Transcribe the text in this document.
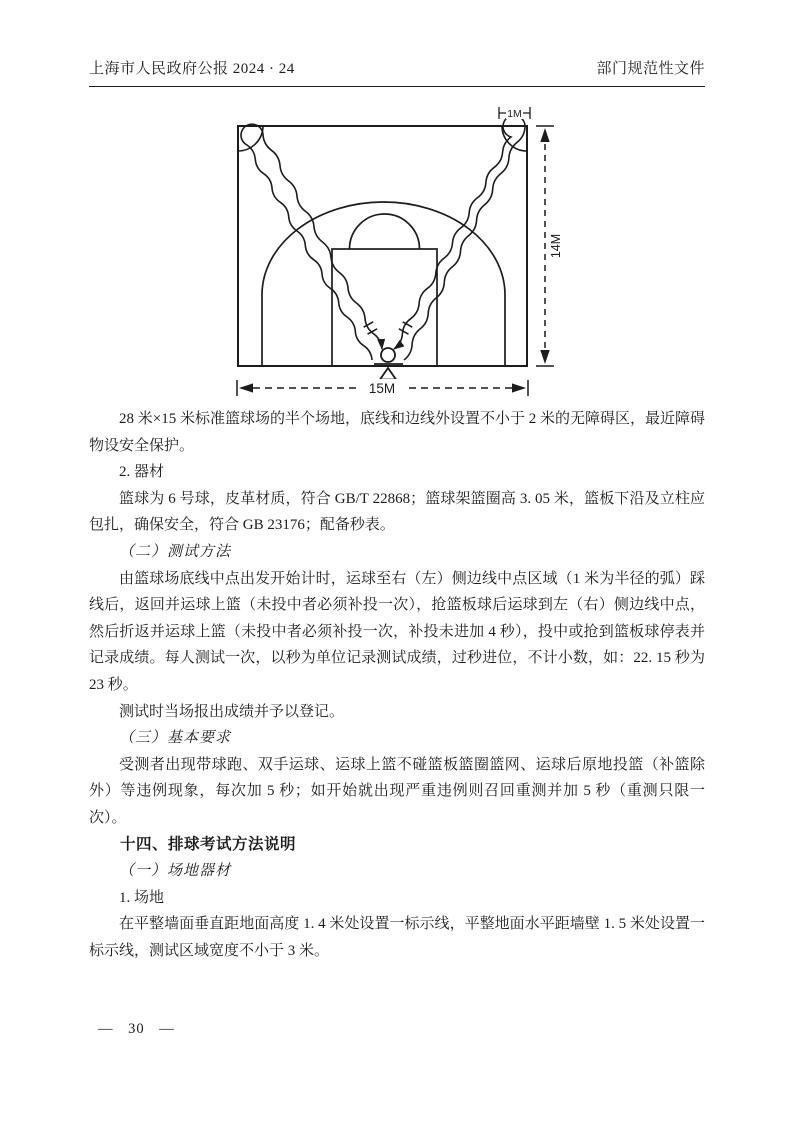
上海市人民政府公报 2024 · 24	部门规范性文件
1M
14M
15M

28 米×15 米标准篮球场的半个场地，底线和边线外设置不小于 2 米的无障碍区，最近障碍物设安全保护。

2. 器材

篮球为 6 号球，皮革材质，符合 GB/T 22868；篮球架篮圈高 3. 05 米，篮板下沿及立柱应包扎，确保安全，符合 GB 23176；配备秒表。

（二）测试方法

由篮球场底线中点出发开始计时，运球至右（左）侧边线中点区域（1 米为半径的弧）踩线后，返回并运球上篮（未投中者必须补投一次），抢篮板球后运球到左（右）侧边线中点，然后折返并运球上篮（未投中者必须补投一次，补投未进加 4 秒），投中或抢到篮板球停表并记录成绩。每人测试一次，以秒为单位记录测试成绩，过秒进位，不计小数，如：22. 15 秒为 23 秒。

测试时当场报出成绩并予以登记。

（三）基本要求

受测者出现带球跑、双手运球、运球上篮不碰篮板篮圈篮网、运球后原地投篮（补篮除外）等违例现象，每次加 5 秒；如开始就出现严重违例则召回重测并加 5 秒（重测只限一次）。

十四、排球考试方法说明

（一）场地器材

1. 场地

在平整墙面垂直距地面高度 1. 4 米处设置一标示线，平整地面水平距墙壁 1. 5 米处设置一标示线，测试区域宽度不小于 3 米。

— 30 —
